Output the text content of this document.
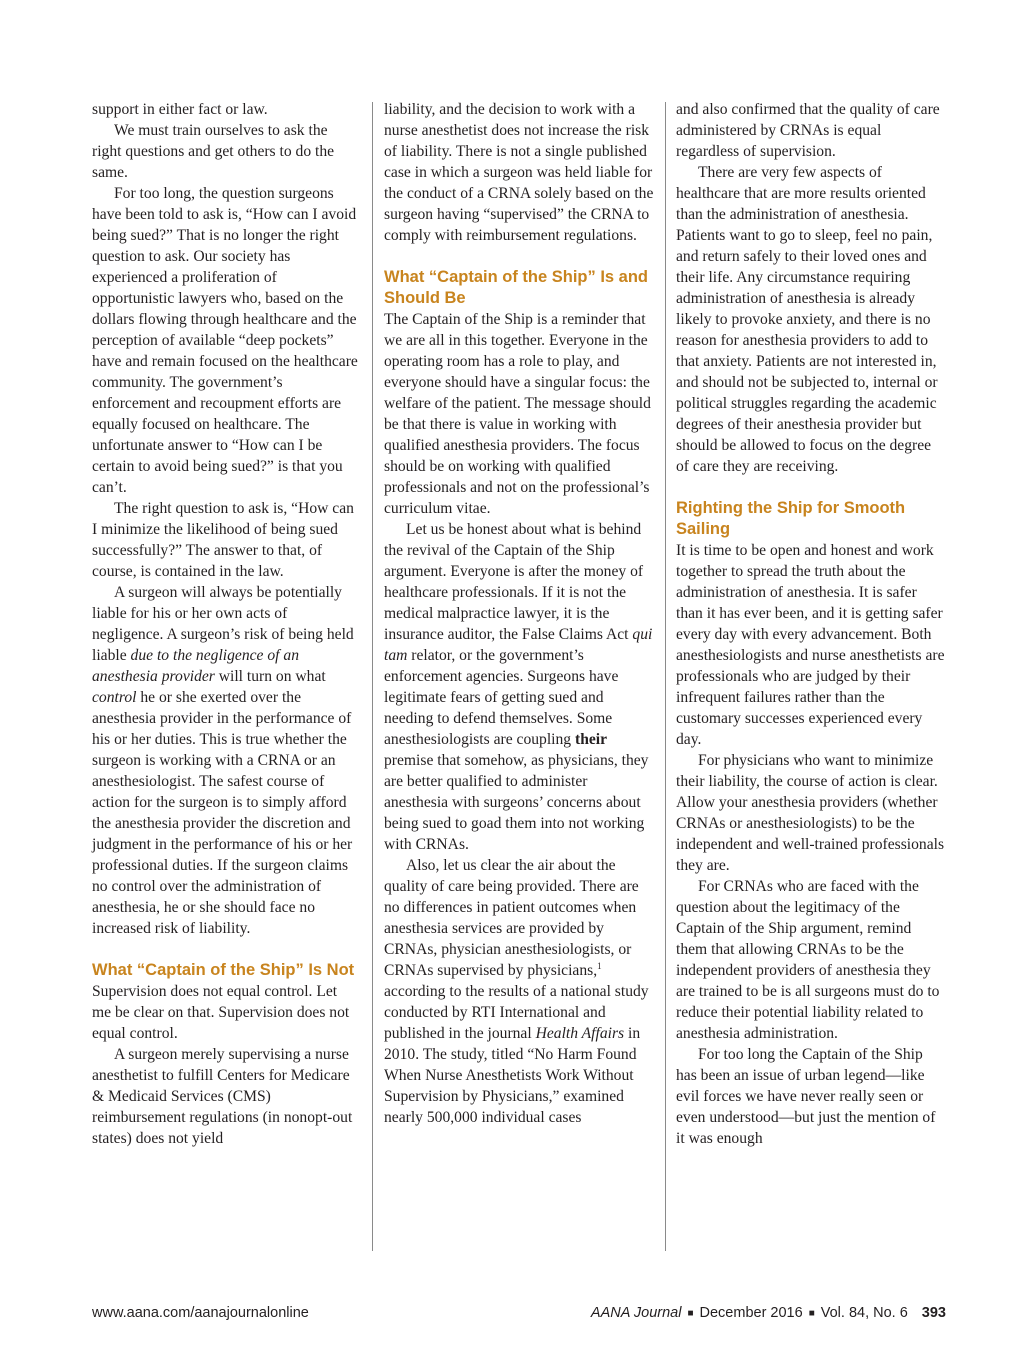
support in either fact or law.

We must train ourselves to ask the right questions and get others to do the same.

For too long, the question surgeons have been told to ask is, “How can I avoid being sued?” That is no longer the right question to ask. Our society has experienced a proliferation of opportunistic lawyers who, based on the dollars flowing through healthcare and the perception of available “deep pockets” have and remain focused on the healthcare community. The government’s enforcement and recoupment efforts are equally focused on healthcare. The unfortunate answer to “How can I be certain to avoid being sued?” is that you can’t.

The right question to ask is, “How can I minimize the likelihood of being sued successfully?” The answer to that, of course, is contained in the law.

A surgeon will always be potentially liable for his or her own acts of negligence. A surgeon’s risk of being held liable due to the negligence of an anesthesia provider will turn on what control he or she exerted over the anesthesia provider in the performance of his or her duties. This is true whether the surgeon is working with a CRNA or an anesthesiologist. The safest course of action for the surgeon is to simply afford the anesthesia provider the discretion and judgment in the performance of his or her professional duties. If the surgeon claims no control over the administration of anesthesia, he or she should face no increased risk of liability.

What “Captain of the Ship” Is Not

Supervision does not equal control. Let me be clear on that. Supervision does not equal control.

A surgeon merely supervising a nurse anesthetist to fulfill Centers for Medicare & Medicaid Services (CMS) reimbursement regulations (in nonopt-out states) does not yield

liability, and the decision to work with a nurse anesthetist does not increase the risk of liability. There is not a single published case in which a surgeon was held liable for the conduct of a CRNA solely based on the surgeon having “supervised” the CRNA to comply with reimbursement regulations.

What “Captain of the Ship” Is and Should Be

The Captain of the Ship is a reminder that we are all in this together. Everyone in the operating room has a role to play, and everyone should have a singular focus: the welfare of the patient. The message should be that there is value in working with qualified anesthesia providers. The focus should be on working with qualified professionals and not on the professional’s curriculum vitae.

Let us be honest about what is behind the revival of the Captain of the Ship argument. Everyone is after the money of healthcare professionals. If it is not the medical malpractice lawyer, it is the insurance auditor, the False Claims Act qui tam relator, or the government’s enforcement agencies. Surgeons have legitimate fears of getting sued and needing to defend themselves. Some anesthesiologists are coupling their premise that somehow, as physicians, they are better qualified to administer anesthesia with surgeons’ concerns about being sued to goad them into not working with CRNAs.

Also, let us clear the air about the quality of care being provided. There are no differences in patient outcomes when anesthesia services are provided by CRNAs, physician anesthesiologists, or CRNAs supervised by physicians,$^1$ according to the results of a national study conducted by RTI International and published in the journal Health Affairs in 2010. The study, titled “No Harm Found When Nurse Anesthetists Work Without Supervision by Physicians,” examined nearly 500,000 individual cases

and also confirmed that the quality of care administered by CRNAs is equal regardless of supervision.

There are very few aspects of healthcare that are more results oriented than the administration of anesthesia. Patients want to go to sleep, feel no pain, and return safely to their loved ones and their life. Any circumstance requiring administration of anesthesia is already likely to provoke anxiety, and there is no reason for anesthesia providers to add to that anxiety. Patients are not interested in, and should not be subjected to, internal or political struggles regarding the academic degrees of their anesthesia provider but should be allowed to focus on the degree of care they are receiving.

Righting the Ship for Smooth Sailing

It is time to be open and honest and work together to spread the truth about the administration of anesthesia. It is safer than it has ever been, and it is getting safer every day with every advancement. Both anesthesiologists and nurse anesthetists are professionals who are judged by their infrequent failures rather than the customary successes experienced every day.

For physicians who want to minimize their liability, the course of action is clear. Allow your anesthesia providers (whether CRNAs or anesthesiologists) to be the independent and well-trained professionals they are.

For CRNAs who are faced with the question about the legitimacy of the Captain of the Ship argument, remind them that allowing CRNAs to be the independent providers of anesthesia they are trained to be is all surgeons must do to reduce their potential liability related to anesthesia administration.

For too long the Captain of the Ship has been an issue of urban legend—like evil forces we have never really seen or even understood—but just the mention of it was enough

www.aana.com/aanajournalonline	AANA Journal ■ December 2016 ■ Vol. 84, No. 6 393
